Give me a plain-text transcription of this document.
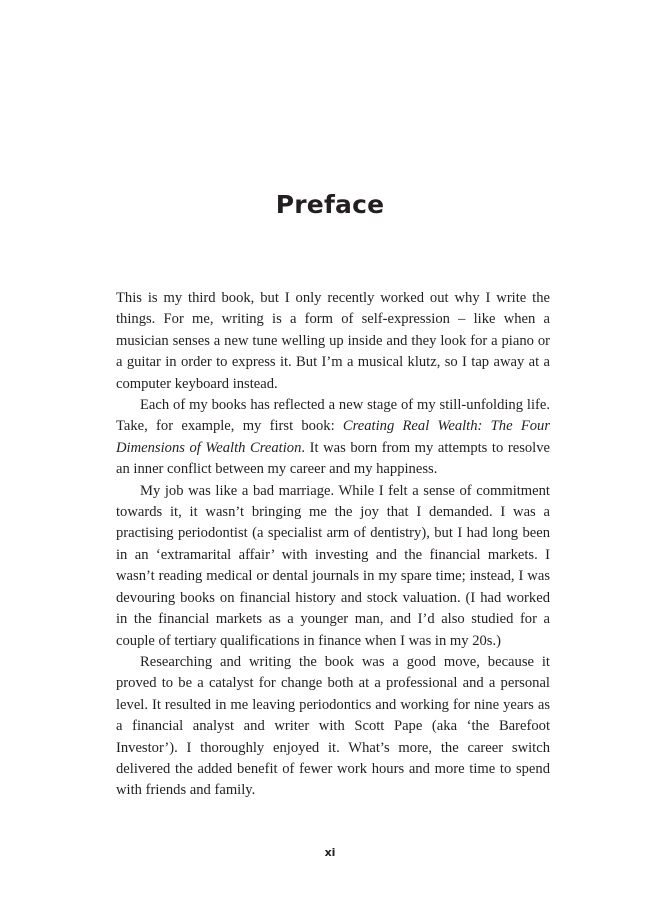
Preface

This is my third book, but I only recently worked out why I write the things. For me, writing is a form of self-expression – like when a musician senses a new tune welling up inside and they look for a piano or a guitar in order to express it. But I’m a musical klutz, so I tap away at a computer keyboard instead.

Each of my books has reflected a new stage of my still-unfolding life. Take, for example, my first book: Creating Real Wealth: The Four Dimensions of Wealth Creation. It was born from my attempts to resolve an inner conflict between my career and my happiness.

My job was like a bad marriage. While I felt a sense of commitment towards it, it wasn’t bringing me the joy that I demanded. I was a practising periodontist (a specialist arm of dentistry), but I had long been in an ‘extramarital affair’ with investing and the financial markets. I wasn’t reading medical or dental journals in my spare time; instead, I was devouring books on financial history and stock valuation. (I had worked in the financial markets as a younger man, and I’d also studied for a couple of tertiary qualifications in finance when I was in my 20s.)

Researching and writing the book was a good move, because it proved to be a catalyst for change both at a professional and a personal level. It resulted in me leaving periodontics and working for nine years as a financial analyst and writer with Scott Pape (aka ‘the Barefoot Investor’). I thoroughly enjoyed it. What’s more, the career switch delivered the added benefit of fewer work hours and more time to spend with friends and family.

xi
